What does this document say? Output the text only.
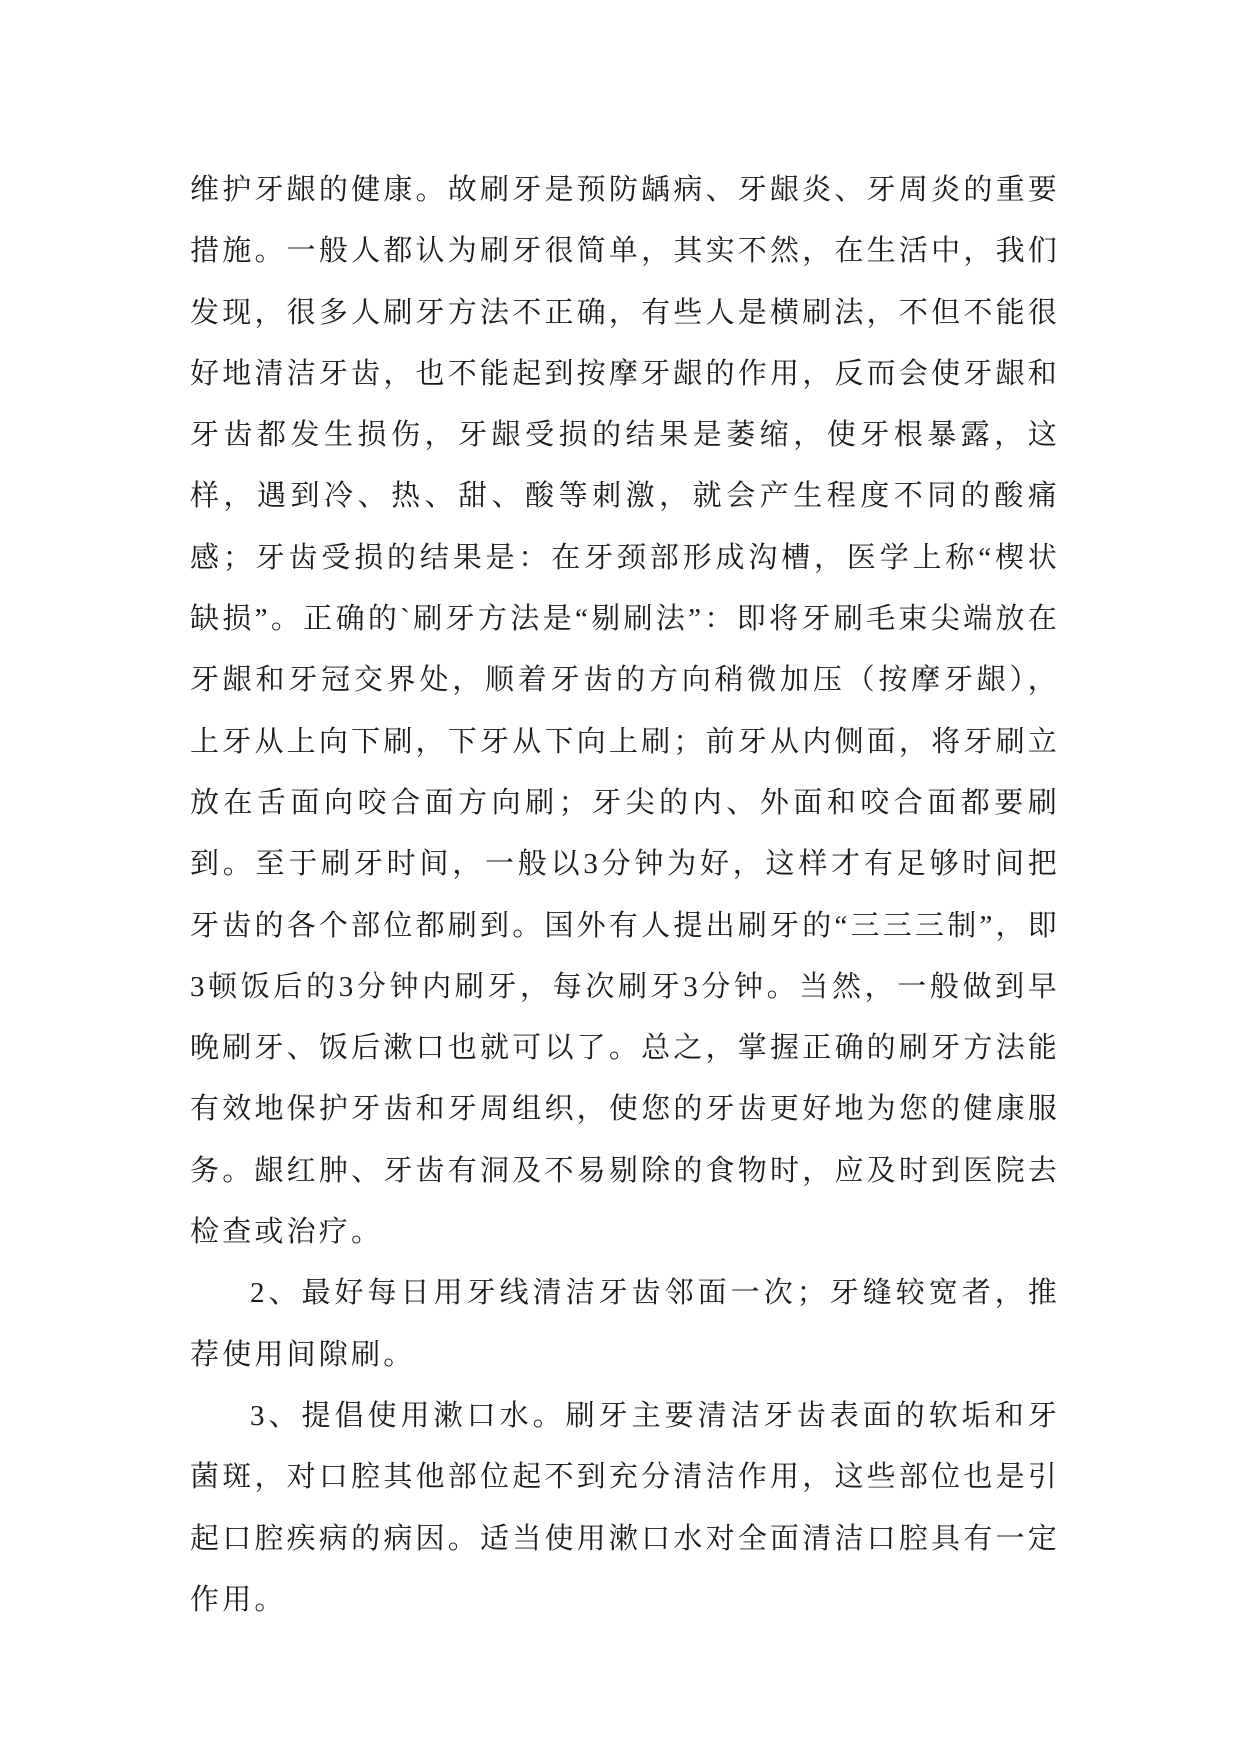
维护牙龈的健康。故刷牙是预防龋病、牙龈炎、牙周炎的重要措施。一般人都认为刷牙很简单，其实不然，在生活中，我们发现，很多人刷牙方法不正确，有些人是横刷法，不但不能很好地清洁牙齿，也不能起到按摩牙龈的作用，反而会使牙龈和牙齿都发生损伤，牙龈受损的结果是萎缩，使牙根暴露，这样，遇到冷、热、甜、酸等刺激，就会产生程度不同的酸痛感；牙齿受损的结果是：在牙颈部形成沟槽，医学上称“楔状缺损”。正确的`刷牙方法是“剔刷法”：即将牙刷毛束尖端放在牙龈和牙冠交界处，顺着牙齿的方向稍微加压（按摩牙龈），上牙从上向下刷，下牙从下向上刷；前牙从内侧面，将牙刷立放在舌面向咬合面方向刷；牙尖的内、外面和咬合面都要刷到。至于刷牙时间，一般以3分钟为好，这样才有足够时间把牙齿的各个部位都刷到。国外有人提出刷牙的“三三三制”，即3顿饭后的3分钟内刷牙，每次刷牙3分钟。当然，一般做到早晚刷牙、饭后漱口也就可以了。总之，掌握正确的刷牙方法能有效地保护牙齿和牙周组织，使您的牙齿更好地为您的健康服务。龈红肿、牙齿有洞及不易剔除的食物时，应及时到医院去检查或治疗。

2、最好每日用牙线清洁牙齿邻面一次；牙缝较宽者，推荐使用间隙刷。

3、提倡使用漱口水。刷牙主要清洁牙齿表面的软垢和牙菌斑，对口腔其他部位起不到充分清洁作用，这些部位也是引起口腔疾病的病因。适当使用漱口水对全面清洁口腔具有一定作用。
